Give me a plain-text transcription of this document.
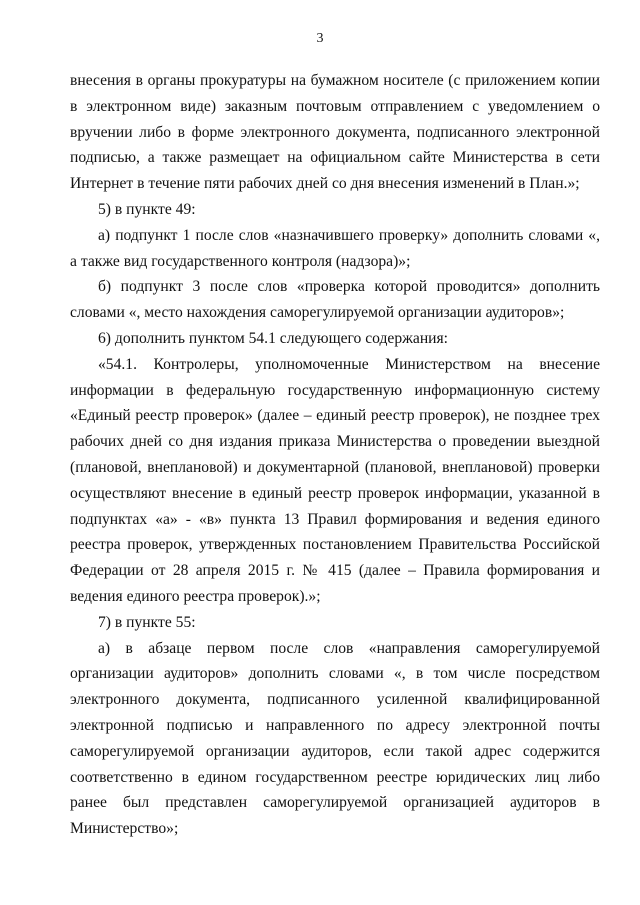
3

внесения в органы прокуратуры на бумажном носителе (с приложением копии в электронном виде) заказным почтовым отправлением с уведомлением о вручении либо в форме электронного документа, подписанного электронной подписью, а также размещает на официальном сайте Министерства в сети Интернет в течение пяти рабочих дней со дня внесения изменений в План.»;

5) в пункте 49:

а) подпункт 1 после слов «назначившего проверку» дополнить словами «, а также вид государственного контроля (надзора)»;

б) подпункт 3 после слов «проверка которой проводится» дополнить словами «, место нахождения саморегулируемой организации аудиторов»;

6) дополнить пунктом 54.1 следующего содержания:

«54.1. Контролеры, уполномоченные Министерством на внесение информации в федеральную государственную информационную систему «Единый реестр проверок» (далее – единый реестр проверок), не позднее трех рабочих дней со дня издания приказа Министерства о проведении выездной (плановой, внеплановой) и документарной (плановой, внеплановой) проверки осуществляют внесение в единый реестр проверок информации, указанной в подпунктах «а» - «в» пункта 13 Правил формирования и ведения единого реестра проверок, утвержденных постановлением Правительства Российской Федерации от 28 апреля 2015 г. № 415 (далее – Правила формирования и ведения единого реестра проверок).»;

7) в пункте 55:

а) в абзаце первом после слов «направления саморегулируемой организации аудиторов» дополнить словами «, в том числе посредством электронного документа, подписанного усиленной квалифицированной электронной подписью и направленного по адресу электронной почты саморегулируемой организации аудиторов, если такой адрес содержится соответственно в едином государственном реестре юридических лиц либо ранее был представлен саморегулируемой организацией аудиторов в Министерство»;
